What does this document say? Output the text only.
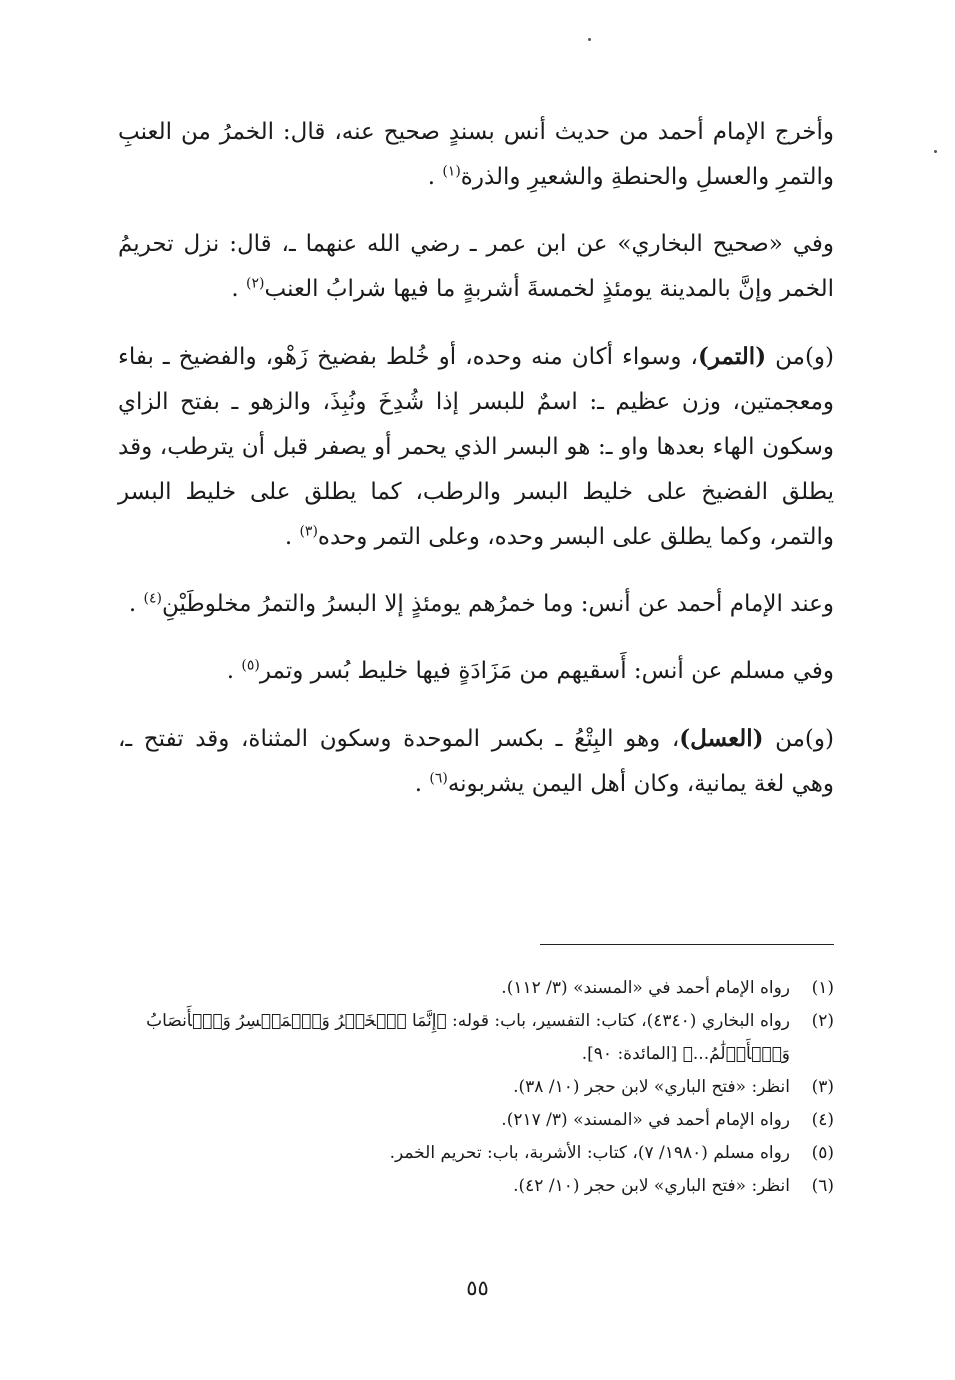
وأخرج الإمام أحمد من حديث أنس بسندٍ صحيح عنه، قال: الخمرُ من العنبِ والتمرِ والعسلِ والحنطةِ والشعيرِ والذرة$^{(١)}$ .

وفي «صحيح البخاري» عن ابن عمر ـ رضي الله عنهما ـ، قال: نزل تحريمُ الخمر وإنَّ بالمدينة يومئذٍ لخمسةَ أشربةٍ ما فيها شرابُ العنب$^{(٢)}$ .

(و)من (التمر)، وسواء أكان منه وحده، أو خُلط بفضيخ زَهْو، والفضيخ ـ بفاء ومعجمتين، وزن عظيم ـ: اسمٌ للبسر إذا شُدِخَ ونُبِذَ، والزهو ـ بفتح الزاي وسكون الهاء بعدها واو ـ: هو البسر الذي يحمر أو يصفر قبل أن يترطب، وقد يطلق الفضيخ على خليط البسر والرطب، كما يطلق على خليط البسر والتمر، وكما يطلق على البسر وحده، وعلى التمر وحده$^{(٣)}$ .

وعند الإمام أحمد عن أنس: وما خمرُهم يومئذٍ إلا البسرُ والتمرُ مخلوطَيْنِ$^{(٤)}$ .

وفي مسلم عن أنس: أَسقيهم من مَزَادَةٍ فيها خليط بُسر وتمر$^{(٥)}$ .

(و)من (العسل)، وهو البِتْعُ ـ بكسر الموحدة وسكون المثناة، وقد تفتح ـ، وهي لغة يمانية، وكان أهل اليمن يشربونه$^{(٦)}$ .

(١)
رواه الإمام أحمد في «المسند» (٣/ ١١٢).
(٢)
رواه البخاري (٤٣٤٠)، كتاب: التفسير، باب: قوله: ﴿إِنَّمَا ٱلۡخَمۡرُ وَٱلۡمَيۡسِرُ وَٱلۡأَنصَابُ وَٱلۡأَزۡلَٰمُ...﴾ [المائدة: ٩٠].
(٣)
انظر: «فتح الباري» لابن حجر (١٠/ ٣٨).
(٤)
رواه الإمام أحمد في «المسند» (٣/ ٢١٧).
(٥)
رواه مسلم (١٩٨٠/ ٧)، كتاب: الأشربة، باب: تحريم الخمر.
(٦)
انظر: «فتح الباري» لابن حجر (١٠/ ٤٢).
٥٥
